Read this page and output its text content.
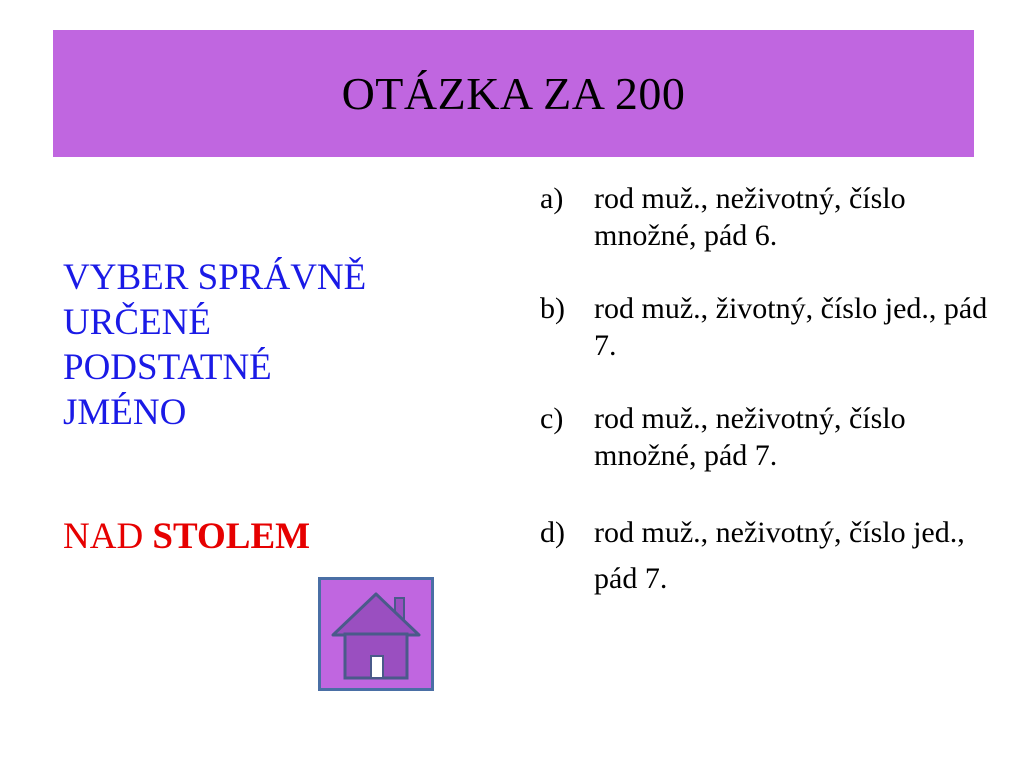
OTÁZKA ZA 200
VYBER SPRÁVNĚ
URČENÉ
PODSTATNÉ
JMÉNO
NAD STOLEM
a)	rod muž., neživotný, číslo množné, pád 6.
b) rod muž., životný, číslo jed., pád 7.
c)	rod muž., neživotný, číslo množné, pád 7.
d) rod muž., neživotný, číslo jed., pád 7.
